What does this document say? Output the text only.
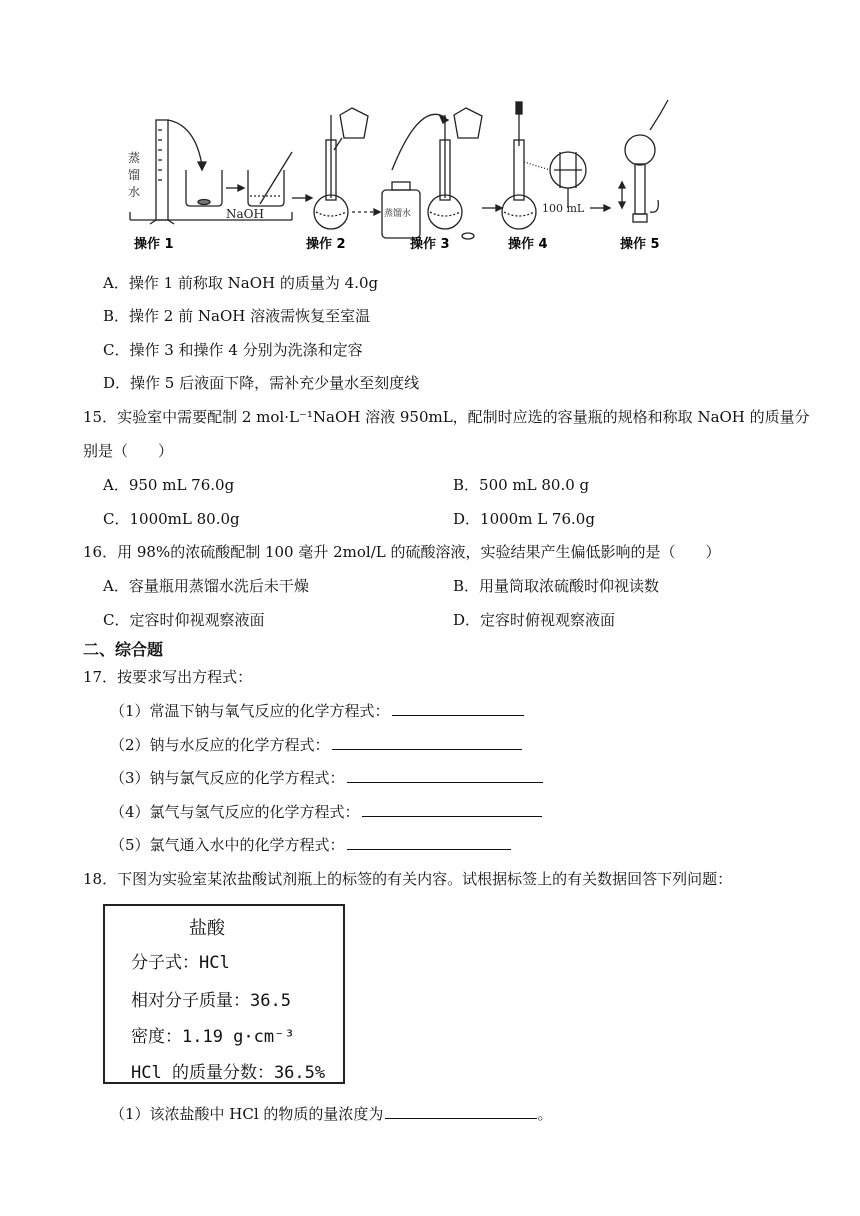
蒸
馏
水
NaOH	蒸馏水	100 mL
操作 1	操作 2	操作 3	操作 4	操作 5
A．操作 1 前称取 NaOH 的质量为 4.0g
B．操作 2 前 NaOH 溶液需恢复至室温
C．操作 3 和操作 4 分别为洗涤和定容
D．操作 5 后液面下降，需补充少量水至刻度线
15．实验室中需要配制 2 mol·L⁻¹NaOH 溶液 950mL，配制时应选的容量瓶的规格和称取 NaOH 的质量分
别是（　　）
A．950 mL 76.0g	B．500 mL 80.0 g
C．1000mL 80.0g	D．1000m L 76.0g
16．用 98%的浓硫酸配制 100 毫升 2mol/L 的硫酸溶液，实验结果产生偏低影响的是（　　）
A．容量瓶用蒸馏水洗后未干燥	B．用量筒取浓硫酸时仰视读数
C．定容时仰视观察液面	D．定容时俯视观察液面
二、综合题
17．按要求写出方程式：
（1）常温下钠与氧气反应的化学方程式：
（2）钠与水反应的化学方程式：
（3）钠与氯气反应的化学方程式：
（4）氯气与氢气反应的化学方程式：
（5）氯气通入水中的化学方程式：
18．下图为实验室某浓盐酸试剂瓶上的标签的有关内容。试根据标签上的有关数据回答下列问题：
盐酸
分子式：HCl
相对分子质量：36.5
密度：1.19 g·cm⁻³
HCl 的质量分数：36.5%
（1）该浓盐酸中 HCl 的物质的量浓度为	。
